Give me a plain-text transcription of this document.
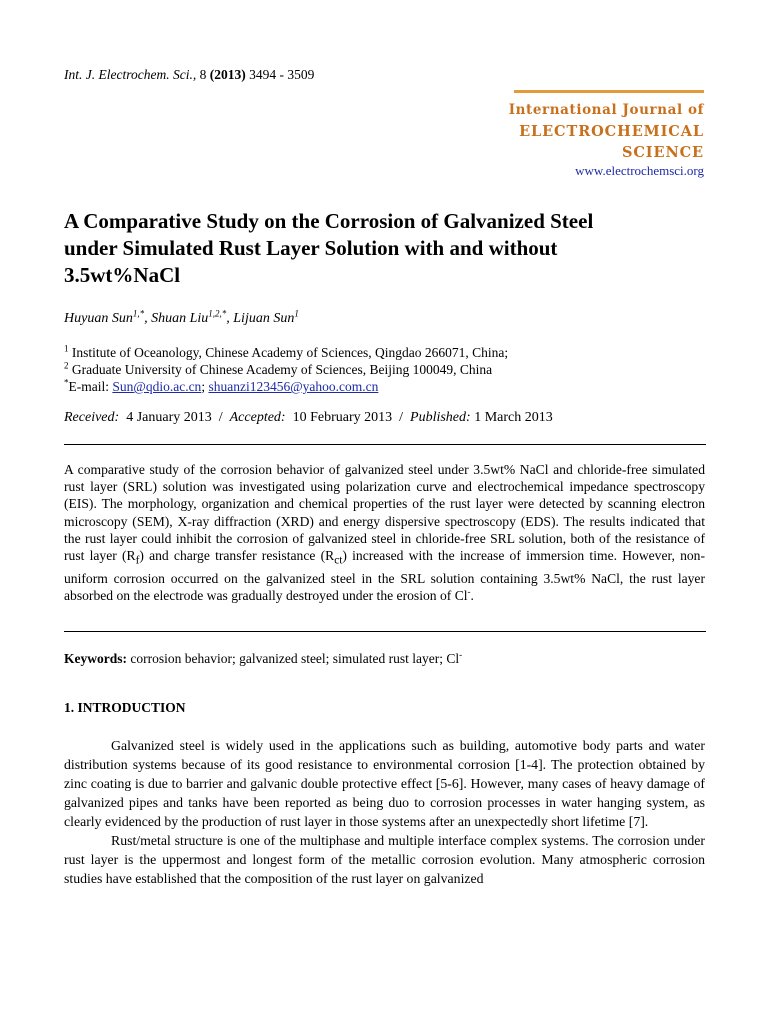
Int. J. Electrochem. Sci., 8 (2013) 3494 - 3509
International Journal of
ELECTROCHEMICAL
SCIENCE
www.electrochemsci.org
A Comparative Study on the Corrosion of Galvanized Steel
under Simulated Rust Layer Solution with and without
3.5wt%NaCl
Huyuan Sun$^{1,*}$, Shuan Liu$^{1,2,*}$, Lijuan Sun$^1$
$^1$ Institute of Oceanology, Chinese Academy of Sciences, Qingdao 266071, China;
$^2$ Graduate University of Chinese Academy of Sciences, Beijing 100049, China
*E-mail: Sun@qdio.ac.cn; shuanzi123456@yahoo.com.cn
Received: 4 January 2013 / Accepted: 10 February 2013 / Published: 1 March 2013
A comparative study of the corrosion behavior of galvanized steel under 3.5wt% NaCl and chloride-free simulated rust layer (SRL) solution was investigated using polarization curve and electrochemical impedance spectroscopy (EIS). The morphology, organization and chemical properties of the rust layer were detected by scanning electron microscopy (SEM), X-ray diffraction (XRD) and energy dispersive spectroscopy (EDS). The results indicated that the rust layer could inhibit the corrosion of galvanized steel in chloride-free SRL solution, both of the resistance of rust layer $(R_f)$ and charge transfer resistance $(R_{ct})$ increased with the increase of immersion time. However, non-uniform corrosion occurred on the galvanized steel in the SRL solution containing 3.5wt% NaCl, the rust layer absorbed on the electrode was gradually destroyed under the erosion of Cl-.
Keywords: corrosion behavior; galvanized steel; simulated rust layer; Cl-
1. INTRODUCTION

Galvanized steel is widely used in the applications such as building, automotive body parts and water distribution systems because of its good resistance to environmental corrosion [1-4]. The protection obtained by zinc coating is due to barrier and galvanic double protective effect [5-6]. However, many cases of heavy damage of galvanized pipes and tanks have been reported as being duo to corrosion processes in water hanging system, as clearly evidenced by the production of rust layer in those systems after an unexpectedly short lifetime [7].

Rust/metal structure is one of the multiphase and multiple interface complex systems. The corrosion under rust layer is the uppermost and longest form of the metallic corrosion evolution. Many atmospheric corrosion studies have established that the composition of the rust layer on galvanized
